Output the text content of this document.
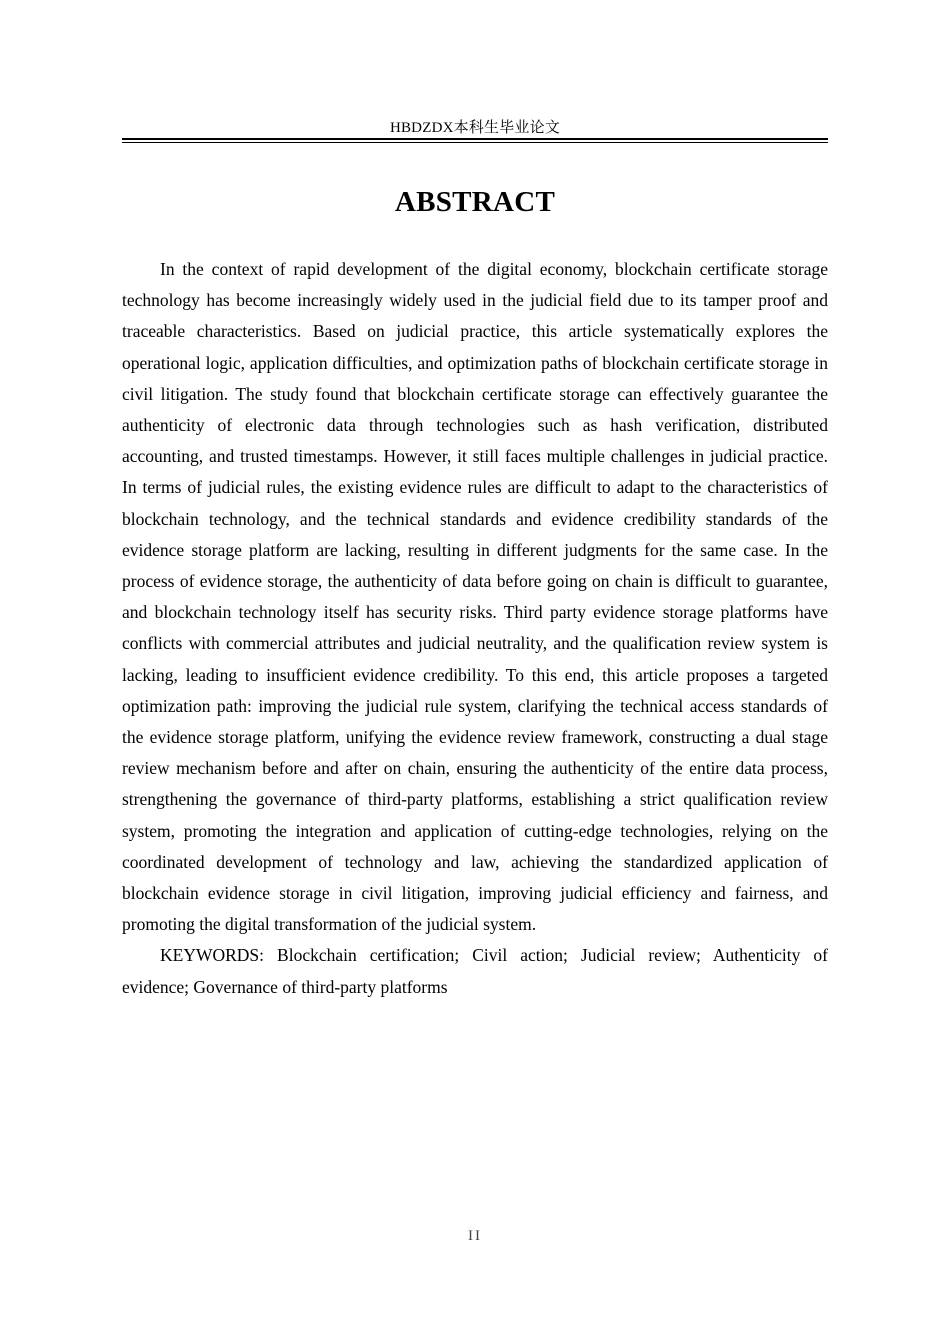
HBDZDX本科生毕业论文
ABSTRACT

In the context of rapid development of the digital economy, blockchain certificate storage technology has become increasingly widely used in the judicial field due to its tamper proof and traceable characteristics. Based on judicial practice, this article systematically explores the operational logic, application difficulties, and optimization paths of blockchain certificate storage in civil litigation. The study found that blockchain certificate storage can effectively guarantee the authenticity of electronic data through technologies such as hash verification, distributed accounting, and trusted timestamps. However, it still faces multiple challenges in judicial practice. In terms of judicial rules, the existing evidence rules are difficult to adapt to the characteristics of blockchain technology, and the technical standards and evidence credibility standards of the evidence storage platform are lacking, resulting in different judgments for the same case. In the process of evidence storage, the authenticity of data before going on chain is difficult to guarantee, and blockchain technology itself has security risks. Third party evidence storage platforms have conflicts with commercial attributes and judicial neutrality, and the qualification review system is lacking, leading to insufficient evidence credibility. To this end, this article proposes a targeted optimization path: improving the judicial rule system, clarifying the technical access standards of the evidence storage platform, unifying the evidence review framework, constructing a dual stage review mechanism before and after on chain, ensuring the authenticity of the entire data process, strengthening the governance of third-party platforms, establishing a strict qualification review system, promoting the integration and application of cutting-edge technologies, relying on the coordinated development of technology and law, achieving the standardized application of blockchain evidence storage in civil litigation, improving judicial efficiency and fairness, and promoting the digital transformation of the judicial system.

KEYWORDS: Blockchain certification; Civil action; Judicial review; Authenticity of evidence; Governance of third-party platforms

II
